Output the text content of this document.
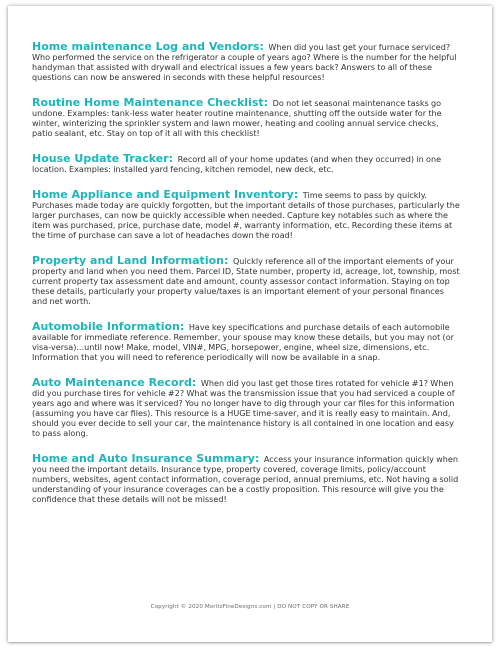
Home maintenance Log and Vendors: When did you last get your furnace serviced? Who performed the service on the refrigerator a couple of years ago? Where is the number for the helpful handyman that assisted with drywall and electrical issues a few years back? Answers to all of these questions can now be answered in seconds with these helpful resources!

Routine Home Maintenance Checklist: Do not let seasonal maintenance tasks go undone. Examples: tank-less water heater routine maintenance, shutting off the outside water for the winter, winterizing the sprinkler system and lawn mower, heating and cooling annual service checks, patio sealant, etc. Stay on top of it all with this checklist!

House Update Tracker: Record all of your home updates (and when they occurred) in one location. Examples: installed yard fencing, kitchen remodel, new deck, etc.

Home Appliance and Equipment Inventory: Time seems to pass by quickly. Purchases made today are quickly forgotten, but the important details of those purchases, particularly the larger purchases, can now be quickly accessible when needed. Capture key notables such as where the item was purchased, price, purchase date, model #, warranty information, etc. Recording these items at the time of purchase can save a lot of headaches down the road!

Property and Land Information: Quickly reference all of the important elements of your property and land when you need them. Parcel ID, State number, property id, acreage, lot, township, most current property tax assessment date and amount, county assessor contact information. Staying on top these details, particularly your property value/taxes is an important element of your personal finances and net worth.

Automobile Information: Have key specifications and purchase details of each automobile available for immediate reference. Remember, your spouse may know these details, but you may not (or visa-versa)...until now! Make, model, VIN#, MPG, horsepower, engine, wheel size, dimensions, etc. Information that you will need to reference periodically will now be available in a snap.

Auto Maintenance Record: When did you last get those tires rotated for vehicle #1? When did you purchase tires for vehicle #2? What was the transmission issue that you had serviced a couple of years ago and where was it serviced? You no longer have to dig through your car files for this information (assuming you have car files). This resource is a HUGE time-saver, and it is really easy to maintain. And, should you ever decide to sell your car, the maintenance history is all contained in one location and easy to pass along.

Home and Auto Insurance Summary: Access your insurance information quickly when you need the important details. Insurance type, property covered, coverage limits, policy/account numbers, websites, agent contact information, coverage period, annual premiums, etc. Not having a solid understanding of your insurance coverages can be a costly proposition. This resource will give you the confidence that these details will not be missed!

Copyright © 2020 MoritzFineDesigns.com | DO NOT COPY OR SHARE
